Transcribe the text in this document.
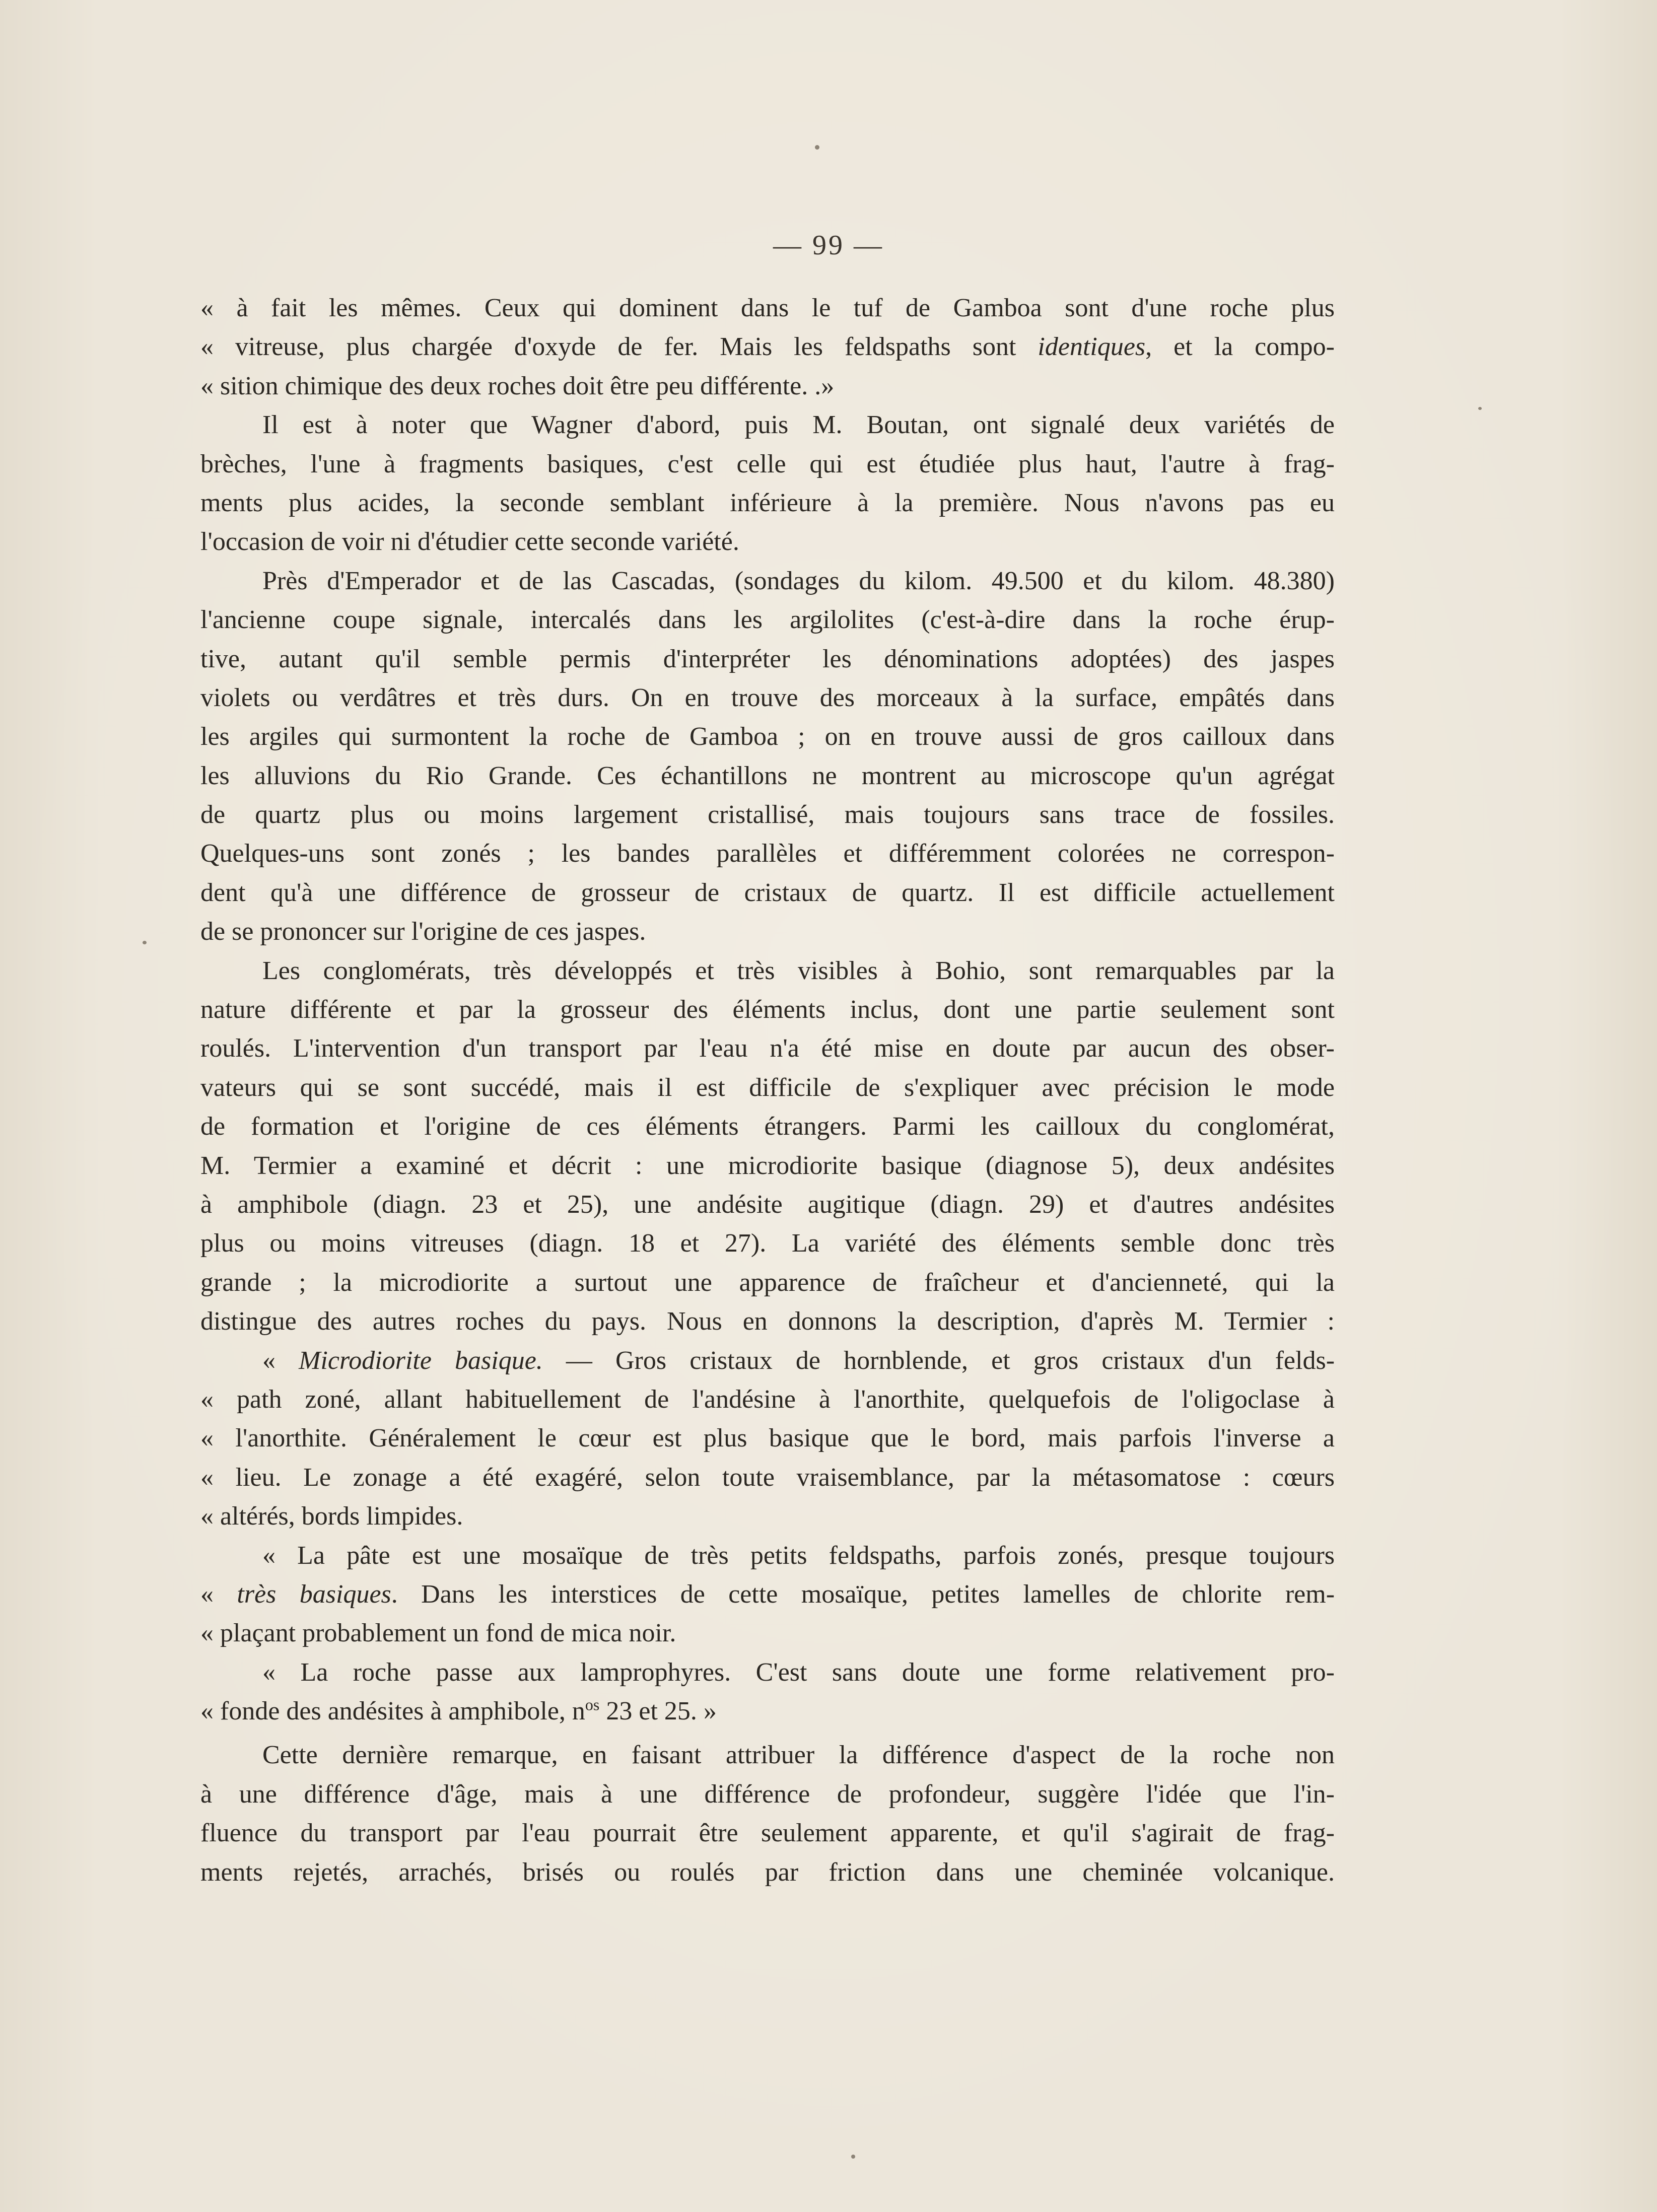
— 99 —
« à fait les mêmes. Ceux qui dominent dans le tuf de Gamboa sont d'une roche plus
« vitreuse, plus chargée d'oxyde de fer. Mais les feldspaths sont identiques, et la compo-
« sition chimique des deux roches doit être peu différente. .»
Il est à noter que Wagner d'abord, puis M. Boutan, ont signalé deux variétés de
brèches, l'une à fragments basiques, c'est celle qui est étudiée plus haut, l'autre à frag-
ments plus acides, la seconde semblant inférieure à la première. Nous n'avons pas eu
l'occasion de voir ni d'étudier cette seconde variété.
Près d'Emperador et de las Cascadas, (sondages du kilom. 49.500 et du kilom. 48.380)
l'ancienne coupe signale, intercalés dans les argilolites (c'est-à-dire dans la roche érup-
tive, autant qu'il semble permis d'interpréter les dénominations adoptées) des jaspes
violets ou verdâtres et très durs. On en trouve des morceaux à la surface, empâtés dans
les argiles qui surmontent la roche de Gamboa ; on en trouve aussi de gros cailloux dans
les alluvions du Rio Grande. Ces échantillons ne montrent au microscope qu'un agrégat
de quartz plus ou moins largement cristallisé, mais toujours sans trace de fossiles.
Quelques-uns sont zonés ; les bandes parallèles et différemment colorées ne correspon-
dent qu'à une différence de grosseur de cristaux de quartz. Il est difficile actuellement
de se prononcer sur l'origine de ces jaspes.
Les conglomérats, très développés et très visibles à Bohio, sont remarquables par la
nature différente et par la grosseur des éléments inclus, dont une partie seulement sont
roulés. L'intervention d'un transport par l'eau n'a été mise en doute par aucun des obser-
vateurs qui se sont succédé, mais il est difficile de s'expliquer avec précision le mode
de formation et l'origine de ces éléments étrangers. Parmi les cailloux du conglomérat,
M. Termier a examiné et décrit : une microdiorite basique (diagnose 5), deux andésites
à amphibole (diagn. 23 et 25), une andésite augitique (diagn. 29) et d'autres andésites
plus ou moins vitreuses (diagn. 18 et 27). La variété des éléments semble donc très
grande ; la microdiorite a surtout une apparence de fraîcheur et d'ancienneté, qui la
distingue des autres roches du pays. Nous en donnons la description, d'après M. Termier :
« Microdiorite basique. — Gros cristaux de hornblende, et gros cristaux d'un felds-
« path zoné, allant habituellement de l'andésine à l'anorthite, quelquefois de l'oligoclase à
« l'anorthite. Généralement le cœur est plus basique que le bord, mais parfois l'inverse a
« lieu. Le zonage a été exagéré, selon toute vraisemblance, par la métasomatose : cœurs
« altérés, bords limpides.
« La pâte est une mosaïque de très petits feldspaths, parfois zonés, presque toujours
« très basiques. Dans les interstices de cette mosaïque, petites lamelles de chlorite rem-
« plaçant probablement un fond de mica noir.
« La roche passe aux lamprophyres. C'est sans doute une forme relativement pro-
« fonde des andésites à amphibole, $n^{os}$ 23 et 25. »
Cette dernière remarque, en faisant attribuer la différence d'aspect de la roche non
à une différence d'âge, mais à une différence de profondeur, suggère l'idée que l'in-
fluence du transport par l'eau pourrait être seulement apparente, et qu'il s'agirait de frag-
ments rejetés, arrachés, brisés ou roulés par friction dans une cheminée volcanique.
